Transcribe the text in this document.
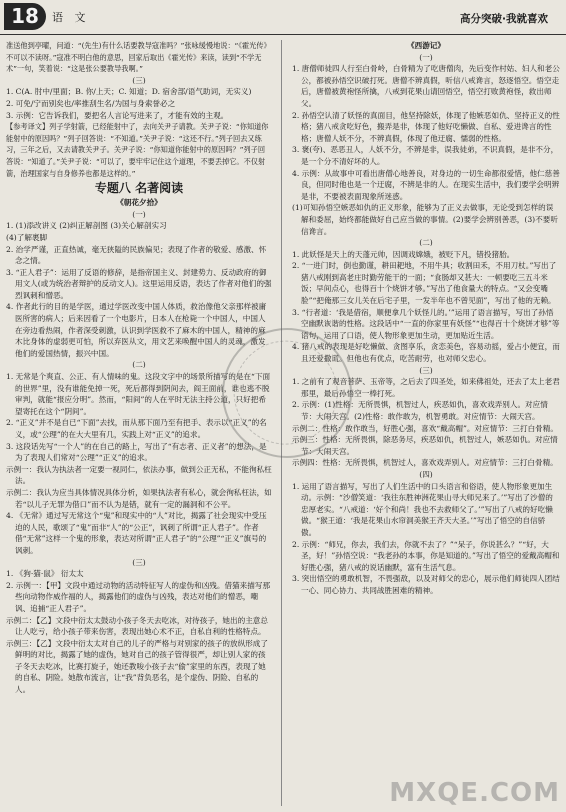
18	语 文	高分突破·我就喜欢

准送他到亭曜，问道：“(先生)有什么话要教导寇准吗？”张咏缓慢地说：“《霍光传》不可以不读呀。”寇准不明白他的意思，回家后取出《霍光传》来读，读到“不学无术”一句，笑着说：“这是张公要教导我啊。”

(三)

1. C(A. 肘中/里面；B. 你/上天；C. 知道；D. 宿舍部/语气助词，无实义)

2. 可免/宁而别矣也/率推刮生名/为国与身索誉必之

3. 示例：它告诉我们，要把名人言论写进来了，才能有效的主观。

【参考译文】列子学射箭，已经能射中了，去向关尹子请教。关尹子说：“你知道你能射中的原因吗？”列子回答说：“不知道。”关尹子说：“这还不行。”列子回去又练习，三年之后，又去请教关尹子。关尹子说：“你知道你能射中的原因吗？”列子回答说：“知道了。”关尹子说：“可以了，要牢牢记住这个道理，不要丢掉它。不仅射箭，治理国家与自身修养也都是这样的。”

专题八 名著阅读

《朝花夕拾》

(一)

1. (1)添改讲义 (2)纠正解剖图 (3)关心解剖实习

(4)了解裹脚

2. 治学严谨，正直热诚，毫无狭隘的民族偏见；表现了作者的敬爱、感激、怀念之情。

3. “正人君子”：运用了反语的修辞，是指帝国主义、封建势力、反动政府的御用文人(或为统治者辩护的反动文人)。这里运用反语，表达了作者对他们的强烈讽刺和憎恶。

4. 作者此行的目的是学医，通过学医改变中国人体质，救治像他父亲那样被庸医所害的病人；后来因看了一个电影片，日本人在枪毙一个中国人，中国人在旁边看热闹，作者深受刺激，认识到学医救不了麻木的中国人，精神的麻木比身体的虚弱更可怕，所以弃医从文，用文艺来唤醒中国人的灵魂，激发他们的爱国热情，振兴中国。

(二)

1. 无常是个爽直、公正、有人情味的鬼。这段文字中的场景所描写的是在“下面的世界”里，没有谁能免掉一死，死后都得到阴间去，阎王面前，谁也逃不脱审判，就能“报应分明”。然而，“阳间”的人在平时无法主持公道，只好把希望寄托在这个“阴间”。

2. “正义”并不是自已“下面”去找，而从那下面乃至有把手、表示以“正义”的名义，或“公理”的在大大里有几，实践上对“正义”的追求。

3. 这段话先写“一个人”的在自己的路上，写出了“有志者、正义者”的想法，是为了表现人们常对“公理”“正义”的追求。

示例一：我认为执法者一定要一视同仁，依法办事，做到公正无私，不能徇私枉法。

示例二：我认为应当具体情况具体分析，如果执法者有私心，就会徇私枉法，如若“以儿子无罪为借口”而不认为是错，就有一定的漏洞和不公平。

4. 《无常》通过写无常这个“鬼”和现实中的“人”对比，揭露了社会现实中受压迫的人民，歌颂了“鬼”而非“人”的“公正”，讽刺了所谓“正人君子”。作者借“无常”这样一个鬼的形象，表达对所谓“正人君子”的“公理”“正义”旗号的讽刺。

(三)

1. 《狗·猫·鼠》 衍太太

2. 示例一：【甲】文段中通过动物的活动特征写人的虚伪和凶残。借猫来描写那些向动物作威作福的人，揭露他们的虚伪与凶残，表达对他们的憎恶，嘲讽、追捕“正人君子”。

示例二：【乙】文段中衍太太鼓动小孩子冬天去吃冰，对待孩子，她出的主意总让人吃亏，给小孩子带来伤害，表现出她心术不正，自私自利的性格特点。

示例三：【乙】文段中衍太太对自己的儿子的严格与对别家的孩子的放纵形成了鲜明的对比，揭露了她的虚伪，她对自己的孩子管得很严，却让别人家的孩子冬天去吃冰，比赛打旋子，她还教唆小孩子去“偷”家里的东西，表现了她的自私、阴险。她散布流言，让“我”背负恶名，是个虚伪、阴险、自私的人。

《西游记》

(一)

1. 唐僧师徒四人行至白骨岭，白骨精为了吃唐僧肉，先后变作村姑、妇人和老公公，都被孙悟空识破打死。唐僧不辨真假，听信八戒谗言，怒逐悟空。悟空走后，唐僧被黄袍怪所擒，八戒到花果山请回悟空，悟空打败黄袍怪，救出师父。

2. 孙悟空认清了妖怪的真面目，他坚持除妖，体现了他嫉恶如仇、坚持正义的性格；猪八戒贪吃好色，搬弄是非，体现了他好吃懒做、自私、爱进谗言的性格；唐僧人妖不分，不辨真假，体现了他迂腐、懦弱的性格。

3. 褒(夸)、恶恶丑人，人妖不分，不辨是非，误我徒弟，不识真假，是非不分，是一个分不清好坏的人。

4. 示例：从故事中可看出唐僧心地善良，对身边的一切生命都很爱惜，他仁慈善良，但同时他也是一个迂腐，不辨是非的人。在现实生活中，我们要学会明辨是非，不要被表面现象所迷惑。

(1)可知孙悟空嫉恶如仇的正义形象，能够为了正义去做事，无论受到怎样的误解和委屈，始终都能做好自己应当做的事情。(2)要学会辨别善恶，(3)不要听信谗言。

(二)

1. 此妖怪是天上的天蓬元帅，因调戏嫦娥，被贬下凡，错投猪胎。

2. “一进门时，倒也勤谨，耕田耙地，不用牛具；收割田禾，不用刀杖。”写出了猪八戒刚到高老庄时勤劳能干的一面；“食肠却又甚大：一顿要吃三五斗米饭；早间点心，也得百十个烧饼才够。”写出了他食量大的特点。“又会变嘴脸”“把俺那三女儿关在后宅子里，一发半年也不曾见面”，写出了他的无赖。

3. “行者道：‘我是借宿，顺便拿几个妖怪儿的。’”运用了语言描写，写出了孙悟空幽默诙谐的性格。这段话中“一直的你家里有妖怪”“也得百十个烧饼才够”等语句，运用了口语，使人物形象更加生动，更加贴近生活。

4. 猪八戒的表现是好吃懒做、贪图享乐，贪恋美色，容易动摇，爱占小便宜，而且还爱撒谎。但他也有优点，吃苦耐劳，也对师父忠心。

(三)

1. 之前有了观音菩萨、玉帝等，之后去了四圣处，如来佛祖处，还去了太上老君那里，最后孙悟空一棒打死。

2. 示例：(1)性格：无所畏惧，机智过人，疾恶如仇，喜欢戏弄别人。对应情节：大闹天宫。(2)性格：敢作敢为，机智勇敢。对应情节：大闹天宫。

示例二：性格：敢作敢当，好胜心强，喜欢“戴高帽”。对应情节：三打白骨精。

示例三：性格：无所畏惧，除恶务尽，疾恶如仇，机智过人，嫉恶如仇。对应情节：大闹天宫。

示例四：性格：无所畏惧，机智过人，喜欢戏弄别人。对应情节：三打白骨精。

(四)

1. 运用了语言描写，写出了人们生活中的口头语言和俗语，使人物形象更加生动。示例：“沙僧笑道：‘我往东胜神洲花果山寻大师兄来了。’”写出了沙僧的忠厚老实。“八戒道：‘好个和尚！我也不去救师父了。’”写出了八戒的好吃懒做。“猴王道：‘我是花果山水帘洞美猴王齐天大圣。’”写出了悟空的自信骄傲。

2. 示例：“师兄，你去，我们去，你就不去了？”“呆子，你说甚么？”“好，大圣，好！”孙悟空说：“我老孙的本事，你是知道的。”写出了悟空的爱戴高帽和好胜心强，猪八戒的说话幽默，富有生活气息。

3. 突出悟空的勇敢机智，不畏强敌，以及对师父的忠心，展示他们师徒四人团结一心、同心协力、共同战胜困难的精神。

MXQE.COM
